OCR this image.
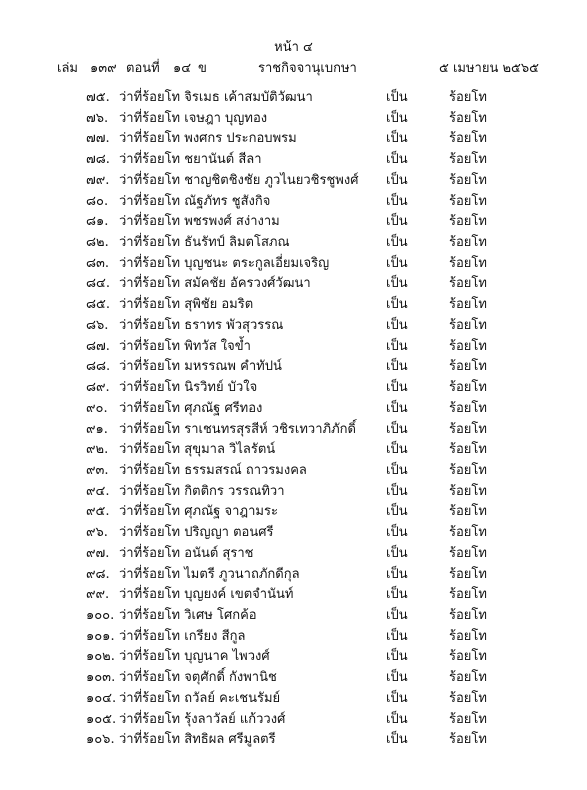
หน้า ๔
เล่ม ๑๓๙ ตอนที่ ๑๔ ข	ราชกิจจานุเบกษา	๕ เมษายน ๒๕๖๕
๗๕. ว่าที่ร้อยโท จิรเมธ เค้าสมบัติวัฒนา	เป็น	ร้อยโท
๗๖. ว่าที่ร้อยโท เจษฎา บุญทอง	เป็น	ร้อยโท
๗๗. ว่าที่ร้อยโท พงศกร ประกอบพรม	เป็น	ร้อยโท
๗๘. ว่าที่ร้อยโท ชยานันต์ สีลา	เป็น	ร้อยโท
๗๙. ว่าที่ร้อยโท ชาญชิตชิงชัย ภูวไนยวชิรชูพงศ์ เป็น	ร้อยโท
๘๐. ว่าที่ร้อยโท ณัฐภัทร ชูสังกิจ	เป็น	ร้อยโท
๘๑. ว่าที่ร้อยโท พชรพงศ์ สง่างาม	เป็น	ร้อยโท
๘๒. ว่าที่ร้อยโท ธันรัทป์ ลิมตโสภณ	เป็น	ร้อยโท
๘๓. ว่าที่ร้อยโท บุญชนะ ตระกูลเอี่ยมเจริญ	เป็น	ร้อยโท
๘๔. ว่าที่ร้อยโท สมัคชัย อัครวงศ์วัฒนา	เป็น	ร้อยโท
๘๕. ว่าที่ร้อยโท สุพิชัย อมริต	เป็น	ร้อยโท
๘๖. ว่าที่ร้อยโท ธราทร พัวสุวรรณ	เป็น	ร้อยโท
๘๗. ว่าที่ร้อยโท พิทวัส ใจข้ำ	เป็น	ร้อยโท
๘๘. ว่าที่ร้อยโท มหรรณพ คำทัปน์	เป็น	ร้อยโท
๘๙. ว่าที่ร้อยโท นิรวิทย์ บัวใจ	เป็น	ร้อยโท
๙๐. ว่าที่ร้อยโท ศุภณัฐ ศรีทอง	เป็น	ร้อยโท
๙๑. ว่าที่ร้อยโท ราเชนทรสุรสีห์ วชิรเทวาภิภักดิ์ เป็น	ร้อยโท
๙๒. ว่าที่ร้อยโท สุขุมาล วิไลรัตน์	เป็น	ร้อยโท
๙๓. ว่าที่ร้อยโท ธรรมสรณ์ ถาวรมงคล	เป็น	ร้อยโท
๙๔. ว่าที่ร้อยโท กิตติกร วรรณทิวา	เป็น	ร้อยโท
๙๕. ว่าที่ร้อยโท ศุภณัฐ จาฎามระ	เป็น	ร้อยโท
๙๖. ว่าที่ร้อยโท ปริญญา ตอนศรี	เป็น	ร้อยโท
๙๗. ว่าที่ร้อยโท อนันต์ สุราช	เป็น	ร้อยโท
๙๘. ว่าที่ร้อยโท ไมตรี ภูวนาถภักดีกุล	เป็น	ร้อยโท
๙๙. ว่าที่ร้อยโท บุญยงค์ เขตจำนันท์	เป็น	ร้อยโท
๑๐๐. ว่าที่ร้อยโท วิเศษ โศกค้อ	เป็น	ร้อยโท
๑๐๑. ว่าที่ร้อยโท เกรียง สีกูล	เป็น	ร้อยโท
๑๐๒. ว่าที่ร้อยโท บุญนาค ไพวงศ์	เป็น	ร้อยโท
๑๐๓. ว่าที่ร้อยโท จตุศักดิ์ กังพานิช	เป็น	ร้อยโท
๑๐๔. ว่าที่ร้อยโท ถวัลย์ คะเชนรัมย์	เป็น	ร้อยโท
๑๐๕. ว่าที่ร้อยโท รุ้งลาวัลย์ แก้ววงศ์	เป็น	ร้อยโท
๑๐๖. ว่าที่ร้อยโท สิทธิผล ศรีมูลตรี	เป็น	ร้อยโท
